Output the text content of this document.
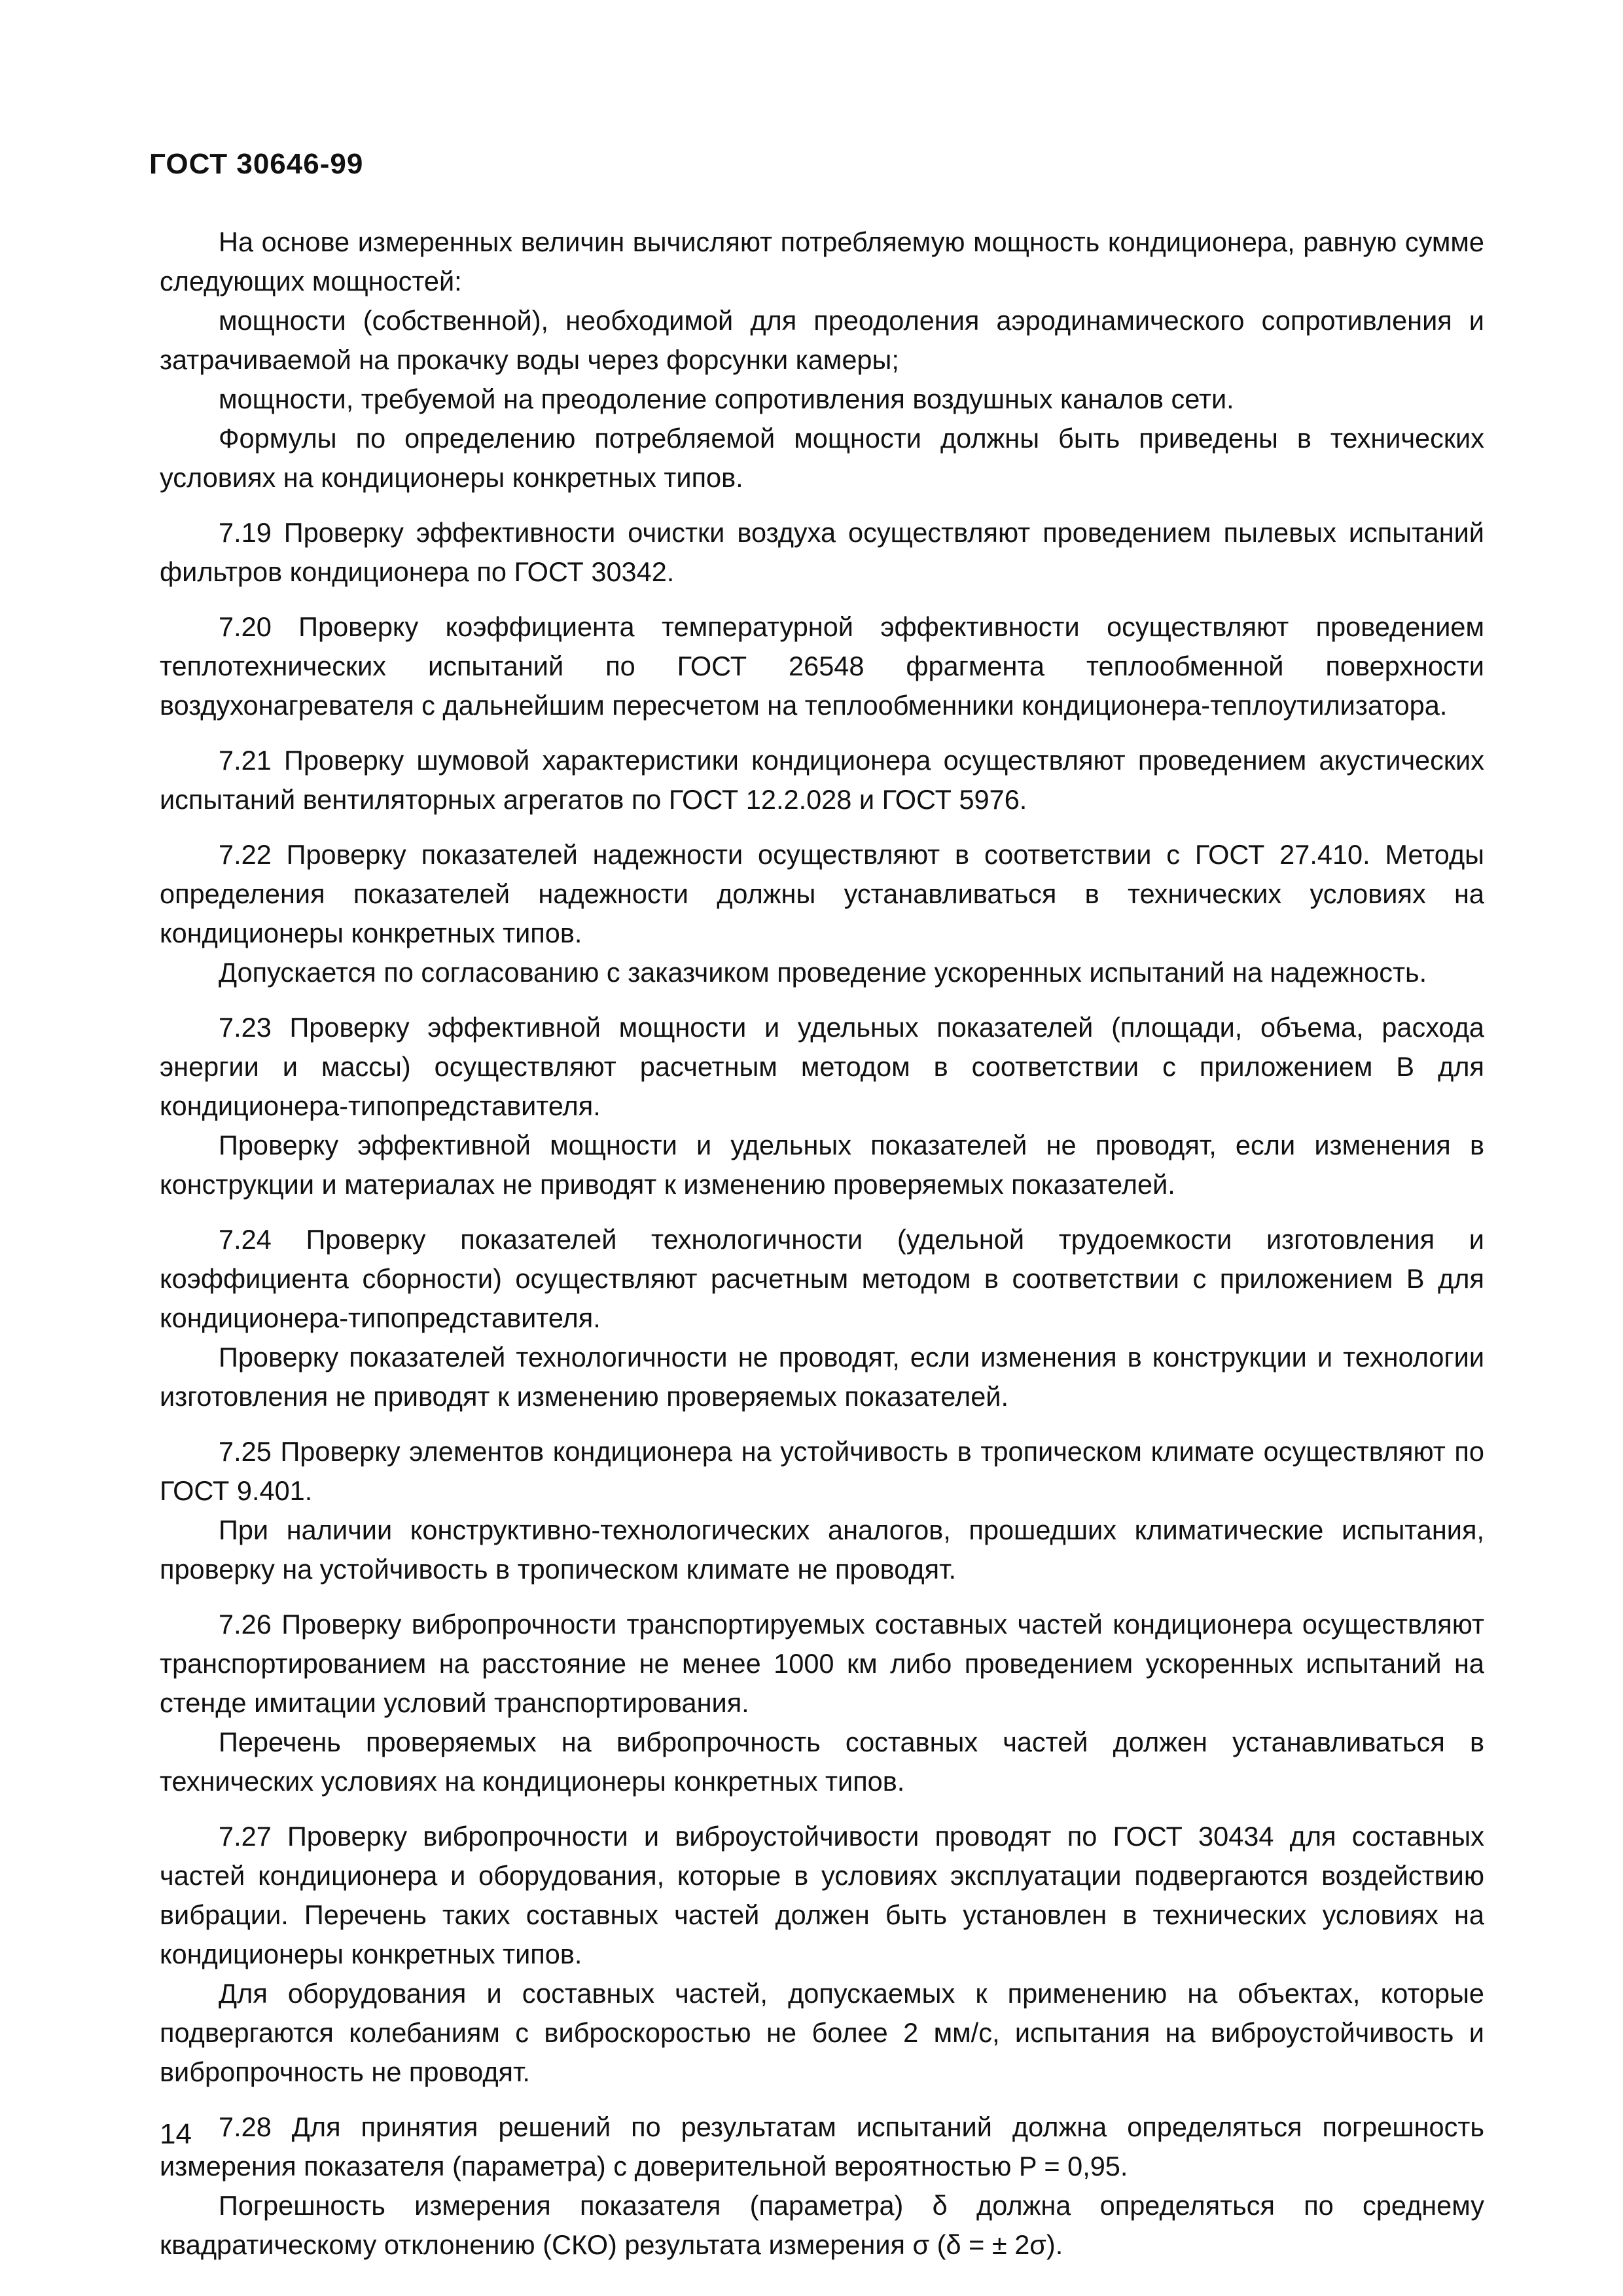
ГОСТ 30646-99

На основе измеренных величин вычисляют потребляемую мощность кондиционера, равную сумме следующих мощностей:

мощности (собственной), необходимой для преодоления аэродинамического сопротивления и затрачиваемой на прокачку воды через форсунки камеры;

мощности, требуемой на преодоление сопротивления воздушных каналов сети.

Формулы по определению потребляемой мощности должны быть приведены в технических условиях на кондиционеры конкретных типов.

7.19 Проверку эффективности очистки воздуха осуществляют проведением пылевых испытаний фильтров кондиционера по ГОСТ 30342.

7.20 Проверку коэффициента температурной эффективности осуществляют проведением теплотехнических испытаний по ГОСТ 26548 фрагмента теплообменной поверхности воздухонагревателя с дальнейшим пересчетом на теплообменники кондиционера-теплоутилизатора.

7.21 Проверку шумовой характеристики кондиционера осуществляют проведением акустических испытаний вентиляторных агрегатов по ГОСТ 12.2.028 и ГОСТ 5976.

7.22 Проверку показателей надежности осуществляют в соответствии с ГОСТ 27.410. Методы определения показателей надежности должны устанавливаться в технических условиях на кондиционеры конкретных типов.

Допускается по согласованию с заказчиком проведение ускоренных испытаний на надежность.

7.23 Проверку эффективной мощности и удельных показателей (площади, объема, расхода энергии и массы) осуществляют расчетным методом в соответствии с приложением В для кондиционера-типопредставителя.

Проверку эффективной мощности и удельных показателей не проводят, если изменения в конструкции и материалах не приводят к изменению проверяемых показателей.

7.24 Проверку показателей технологичности (удельной трудоемкости изготовления и коэффициента сборности) осуществляют расчетным методом в соответствии с приложением В для кондиционера-типопредставителя.

Проверку показателей технологичности не проводят, если изменения в конструкции и технологии изготовления не приводят к изменению проверяемых показателей.

7.25 Проверку элементов кондиционера на устойчивость в тропическом климате осуществляют по ГОСТ 9.401.

При наличии конструктивно-технологических аналогов, прошедших климатические испытания, проверку на устойчивость в тропическом климате не проводят.

7.26 Проверку вибропрочности транспортируемых составных частей кондиционера осуществляют транспортированием на расстояние не менее 1000 км либо проведением ускоренных испытаний на стенде имитации условий транспортирования.

Перечень проверяемых на вибропрочность составных частей должен устанавливаться в технических условиях на кондиционеры конкретных типов.

7.27 Проверку вибропрочности и виброустойчивости проводят по ГОСТ 30434 для составных частей кондиционера и оборудования, которые в условиях эксплуатации подвергаются воздействию вибрации. Перечень таких составных частей должен быть установлен в технических условиях на кондиционеры конкретных типов.

Для оборудования и составных частей, допускаемых к применению на объектах, которые подвергаются колебаниям с виброскоростью не более 2 мм/с, испытания на виброустойчивость и вибропрочность не проводят.

7.28 Для принятия решений по результатам испытаний должна определяться погрешность измерения показателя (параметра) с доверительной вероятностью P = 0,95.

Погрешность измерения показателя (параметра) δ должна определяться по среднему квадратическому отклонению (СКО) результата измерения σ (δ = ± 2σ).

14
